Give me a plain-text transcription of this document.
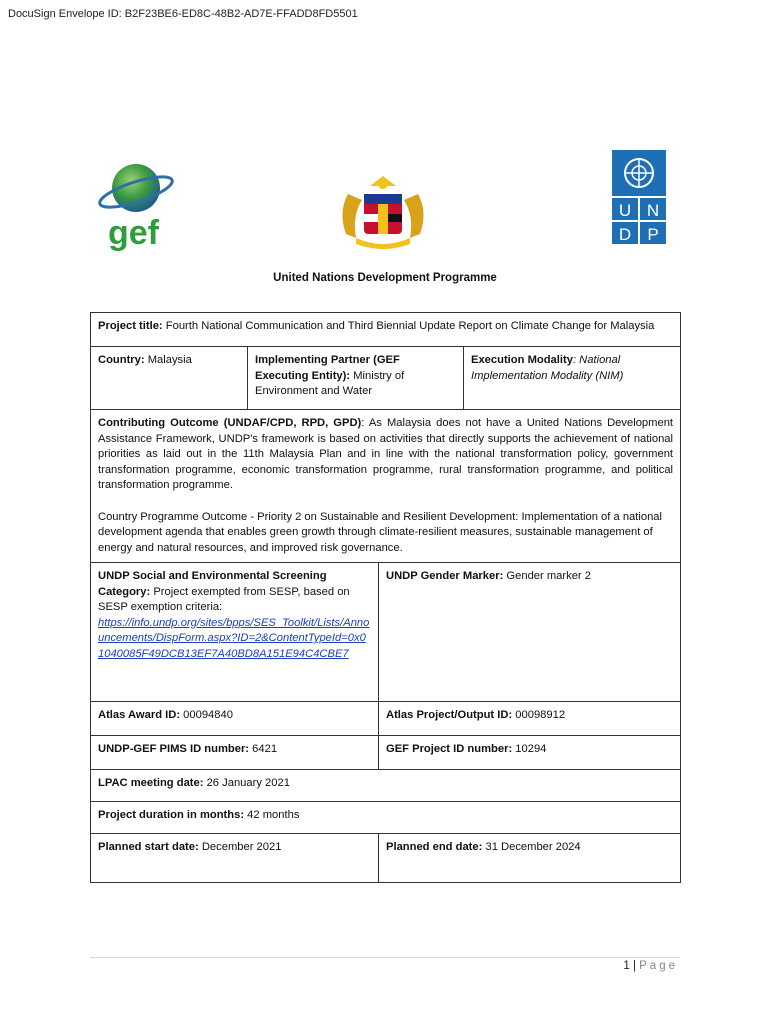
DocuSign Envelope ID: B2F23BE6-ED8C-48B2-AD7E-FFADD8FD5501
gef
U N
D P
United Nations Development Programme
Project title: Fourth National Communication and Third Biennial Update Report on Climate Change for Malaysia			
Country: Malaysia	Implementing Partner (GEF Executing Entity): Ministry of Environment and Water		Execution Modality: National Implementation Modality (NIM)

Contributing Outcome (UNDAF/CPD, RPD, GPD): As Malaysia does not have a United Nations Development Assistance Framework, UNDP's framework is based on activities that directly supports the achievement of national priorities as laid out in the 11th Malaysia Plan and in line with the national transformation policy, government transformation programme, economic transformation programme, rural transformation programme, and political transformation programme.
Country Programme Outcome - Priority 2 on Sustainable and Resilient Development: Implementation of a national development agenda that enables green growth through climate-resilient measures, sustainable management of energy and natural resources, and improved risk governance.			

UNDP Social and Environmental Screening Category: Project exempted from SESP, based on SESP exemption criteria:
https://info.undp.org/sites/bpps/SES_Toolkit/Lists/Announcements/DispForm.aspx?ID=2&ContentTypeId=0x01040085F49DCB13EF7A40BD8A151E94C4CBE7		UNDP Gender Marker: Gender marker 2	
Atlas Award ID: 00094840		Atlas Project/Output ID: 00098912	
UNDP-GEF PIMS ID number: 6421		GEF Project ID number: 10294	
LPAC meeting date: 26 January 2021			
Project duration in months: 42 months			
Planned start date: December 2021		Planned end date: 31 December 2024	
1 | Page
